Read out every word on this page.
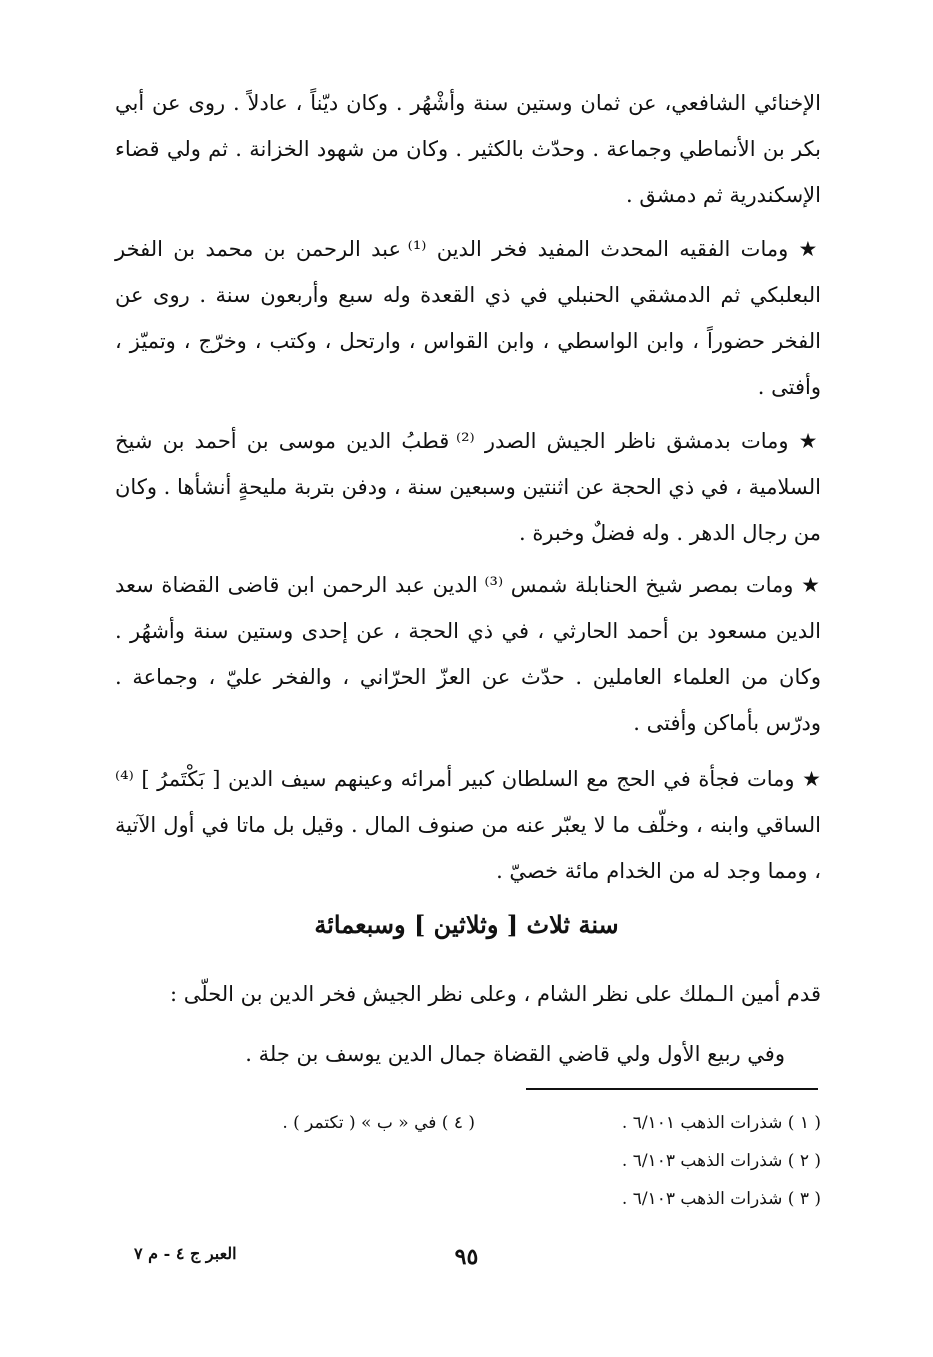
الإخنائي الشافعي، عن ثمان وستين سنة وأشْهُر . وكان ديّناً ، عادلاً . روى عن أبي بكر بن الأنماطي وجماعة . وحدّث بالكثير . وكان من شهود الخزانة . ثم ولي قضاء الإسكندرية ثم دمشق .

★ ومات الفقيه المحدث المفيد فخر الدين ⁽¹⁾ عبد الرحمن بن محمد بن الفخر البعلبكي ثم الدمشقي الحنبلي في ذي القعدة وله سبع وأربعون سنة . روى عن الفخر حضوراً ، وابن الواسطي ، وابن القواس ، وارتحل ، وكتب ، وخرّج ، وتميّز ، وأفتى .

★ ومات بدمشق ناظر الجيش الصدر ⁽²⁾ قطبُ الدين موسى بن أحمد بن شيخ السلامية ، في ذي الحجة عن اثنتين وسبعين سنة ، ودفن بتربة مليحةٍ أنشأها . وكان من رجال الدهر . وله فضلٌ وخبرة .

★ ومات بمصر شيخ الحنابلة شمس ⁽³⁾ الدين عبد الرحمن ابن قاضى القضاة سعد الدين مسعود بن أحمد الحارثي ، في ذي الحجة ، عن إحدى وستين سنة وأشهُر . وكان من العلماء العاملين . حدّث عن العزّ الحرّاني ، والفخر عليّ ، وجماعة . ودرّس بأماكن وأفتى .

★ ومات فجأة في الحج مع السلطان كبير أمرائه وعينهم سيف الدين [ بَكْتَمرُ ] ⁽⁴⁾ الساقي وابنه ، وخلّف ما لا يعبّر عنه من صنوف المال . وقيل بل ماتا في أول الآتية ، ومما وجد له من الخدام مائة خصيّ .

سنة ثلاث [ وثلاثين ] وسبعمائة
قدم أمين الـملك على نظر الشام ، وعلى نظر الجيش فخر الدين بن الحلّى :
وفي ربيع الأول ولي قاضي القضاة جمال الدين يوسف بن جلة .
( ١ ) شذرات الذهب ٦/١٠١ .
( ٢ ) شذرات الذهب ٦/١٠٣ .
( ٣ ) شذرات الذهب ٦/١٠٣ .
( ٤ ) في « ب » ( تكتمر ) .
٩٥
العبر ج ٤ - م ٧
